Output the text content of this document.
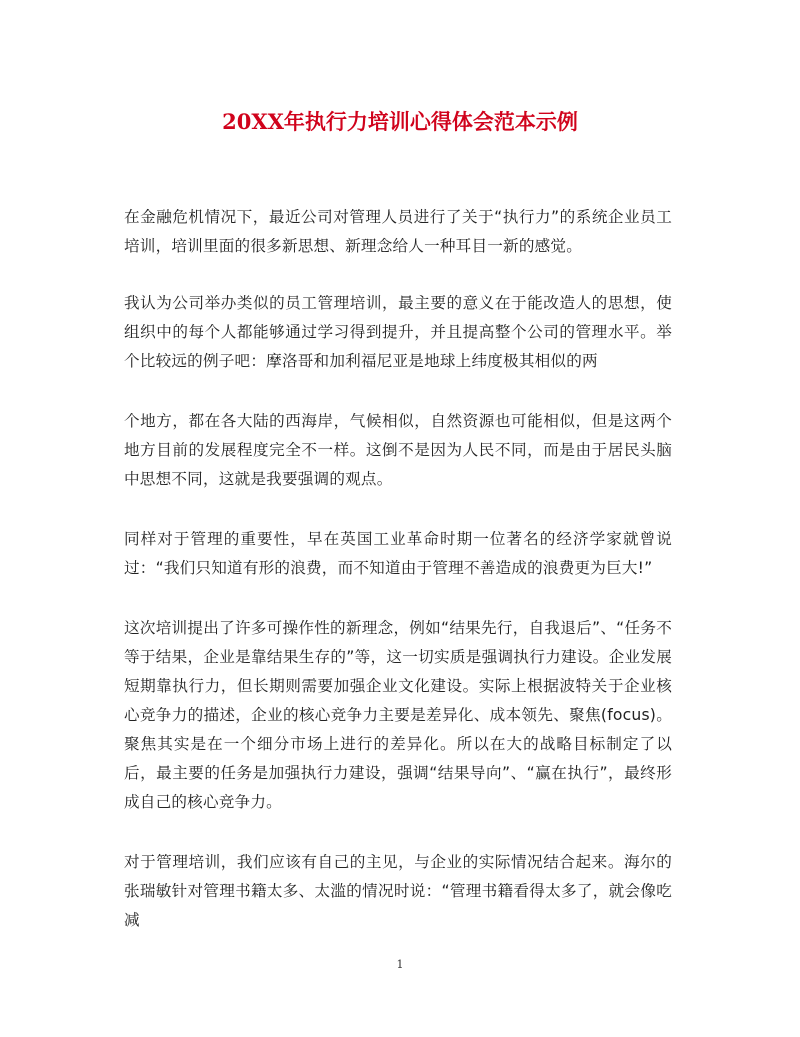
20XX年执行力培训心得体会范本示例

在金融危机情况下，最近公司对管理人员进行了关于“执行力”的系统企业员工培训，培训里面的很多新思想、新理念给人一种耳目一新的感觉。

我认为公司举办类似的员工管理培训，最主要的意义在于能改造人的思想，使组织中的每个人都能够通过学习得到提升，并且提高整个公司的管理水平。举个比较远的例子吧：摩洛哥和加利福尼亚是地球上纬度极其相似的两

个地方，都在各大陆的西海岸，气候相似，自然资源也可能相似，但是这两个地方目前的发展程度完全不一样。这倒不是因为人民不同，而是由于居民头脑中思想不同，这就是我要强调的观点。

同样对于管理的重要性，早在英国工业革命时期一位著名的经济学家就曾说过：“我们只知道有形的浪费，而不知道由于管理不善造成的浪费更为巨大!”

这次培训提出了许多可操作性的新理念，例如“结果先行，自我退后”、“任务不等于结果，企业是靠结果生存的”等，这一切实质是强调执行力建设。企业发展短期靠执行力，但长期则需要加强企业文化建设。实际上根据波特关于企业核心竞争力的描述，企业的核心竞争力主要是差异化、成本领先、聚焦(focus)。聚焦其实是在一个细分市场上进行的差异化。所以在大的战略目标制定了以后，最主要的任务是加强执行力建设，强调“结果导向”、“赢在执行”，最终形成自己的核心竞争力。

对于管理培训，我们应该有自己的主见，与企业的实际情况结合起来。海尔的张瑞敏针对管理书籍太多、太滥的情况时说：“管理书籍看得太多了，就会像吃减

1
